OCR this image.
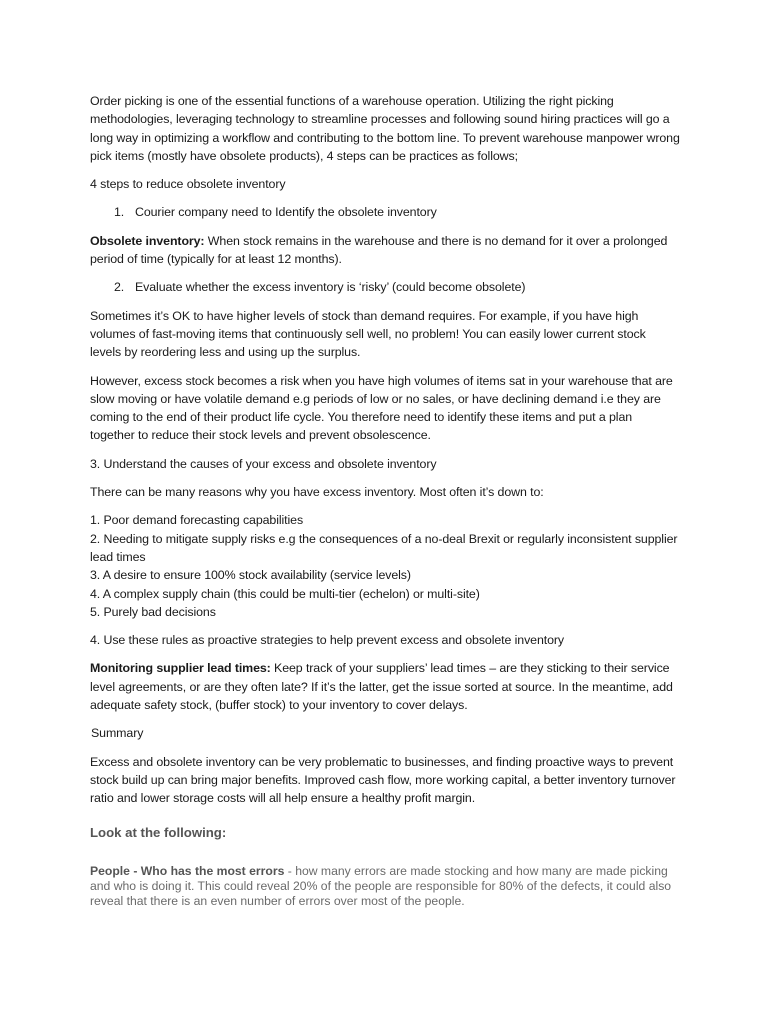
Order picking is one of the essential functions of a warehouse operation. Utilizing the right picking methodologies, leveraging technology to streamline processes and following sound hiring practices will go a long way in optimizing a workflow and contributing to the bottom line. To prevent warehouse manpower wrong pick items (mostly have obsolete products), 4 steps can be practices as follows;

4 steps to reduce obsolete inventory

1. Courier company need to Identify the obsolete inventory

Obsolete inventory: When stock remains in the warehouse and there is no demand for it over a prolonged period of time (typically for at least 12 months).

2. Evaluate whether the excess inventory is ‘risky’ (could become obsolete)

Sometimes it’s OK to have higher levels of stock than demand requires. For example, if you have high volumes of fast-moving items that continuously sell well, no problem! You can easily lower current stock levels by reordering less and using up the surplus.

However, excess stock becomes a risk when you have high volumes of items sat in your warehouse that are slow moving or have volatile demand e.g periods of low or no sales, or have declining demand i.e they are coming to the end of their product life cycle. You therefore need to identify these items and put a plan together to reduce their stock levels and prevent obsolescence.

3. Understand the causes of your excess and obsolete inventory

There can be many reasons why you have excess inventory. Most often it’s down to:

1. Poor demand forecasting capabilities
2. Needing to mitigate supply risks e.g the consequences of a no-deal Brexit or regularly inconsistent supplier lead times
3. A desire to ensure 100% stock availability (service levels)
4. A complex supply chain (this could be multi-tier (echelon) or multi-site)
5. Purely bad decisions

4. Use these rules as proactive strategies to help prevent excess and obsolete inventory

Monitoring supplier lead times: Keep track of your suppliers’ lead times – are they sticking to their service level agreements, or are they often late? If it’s the latter, get the issue sorted at source. In the meantime, add adequate safety stock, (buffer stock) to your inventory to cover delays.

Summary

Excess and obsolete inventory can be very problematic to businesses, and finding proactive ways to prevent stock build up can bring major benefits. Improved cash flow, more working capital, a better inventory turnover ratio and lower storage costs will all help ensure a healthy profit margin.

Look at the following:
People - Who has the most errors - how many errors are made stocking and how many are made picking and who is doing it. This could reveal 20% of the people are responsible for 80% of the defects, it could also reveal that there is an even number of errors over most of the people.
